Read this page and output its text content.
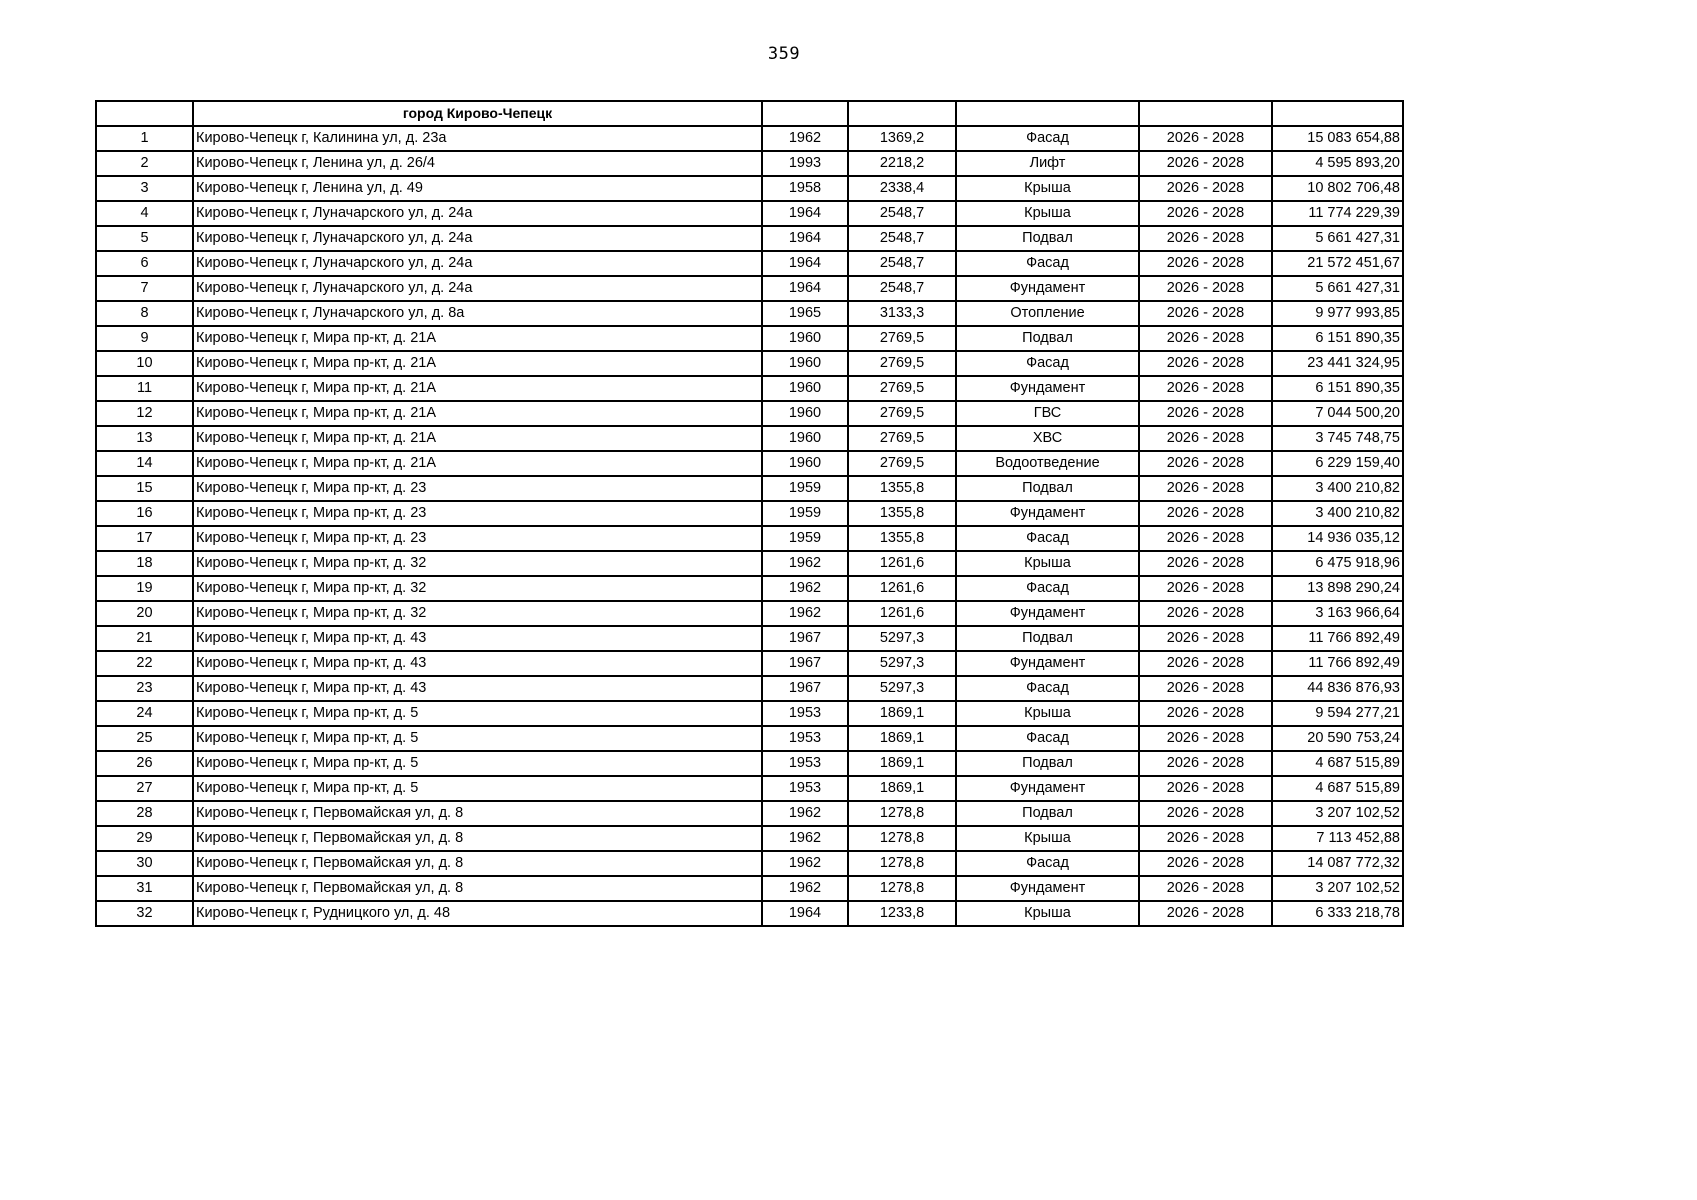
359
	город Кирово-Чепецк					
1	Кирово-Чепецк г, Калинина ул, д. 23а	1962	1369,2	Фасад	2026 - 2028	15 083 654,88
2	Кирово-Чепецк г, Ленина ул, д. 26/4	1993	2218,2	Лифт	2026 - 2028	4 595 893,20
3	Кирово-Чепецк г, Ленина ул, д. 49	1958	2338,4	Крыша	2026 - 2028	10 802 706,48
4	Кирово-Чепецк г, Луначарского ул, д. 24а	1964	2548,7	Крыша	2026 - 2028	11 774 229,39
5	Кирово-Чепецк г, Луначарского ул, д. 24а	1964	2548,7	Подвал	2026 - 2028	5 661 427,31
6	Кирово-Чепецк г, Луначарского ул, д. 24а	1964	2548,7	Фасад	2026 - 2028	21 572 451,67
7	Кирово-Чепецк г, Луначарского ул, д. 24а	1964	2548,7	Фундамент	2026 - 2028	5 661 427,31
8	Кирово-Чепецк г, Луначарского ул, д. 8а	1965	3133,3	Отопление	2026 - 2028	9 977 993,85
9	Кирово-Чепецк г, Мира пр-кт, д. 21А	1960	2769,5	Подвал	2026 - 2028	6 151 890,35
10	Кирово-Чепецк г, Мира пр-кт, д. 21А	1960	2769,5	Фасад	2026 - 2028	23 441 324,95
11	Кирово-Чепецк г, Мира пр-кт, д. 21А	1960	2769,5	Фундамент	2026 - 2028	6 151 890,35
12	Кирово-Чепецк г, Мира пр-кт, д. 21А	1960	2769,5	ГВС	2026 - 2028	7 044 500,20
13	Кирово-Чепецк г, Мира пр-кт, д. 21А	1960	2769,5	ХВС	2026 - 2028	3 745 748,75
14	Кирово-Чепецк г, Мира пр-кт, д. 21А	1960	2769,5	Водоотведение	2026 - 2028	6 229 159,40
15	Кирово-Чепецк г, Мира пр-кт, д. 23	1959	1355,8	Подвал	2026 - 2028	3 400 210,82
16	Кирово-Чепецк г, Мира пр-кт, д. 23	1959	1355,8	Фундамент	2026 - 2028	3 400 210,82
17	Кирово-Чепецк г, Мира пр-кт, д. 23	1959	1355,8	Фасад	2026 - 2028	14 936 035,12
18	Кирово-Чепецк г, Мира пр-кт, д. 32	1962	1261,6	Крыша	2026 - 2028	6 475 918,96
19	Кирово-Чепецк г, Мира пр-кт, д. 32	1962	1261,6	Фасад	2026 - 2028	13 898 290,24
20	Кирово-Чепецк г, Мира пр-кт, д. 32	1962	1261,6	Фундамент	2026 - 2028	3 163 966,64
21	Кирово-Чепецк г, Мира пр-кт, д. 43	1967	5297,3	Подвал	2026 - 2028	11 766 892,49
22	Кирово-Чепецк г, Мира пр-кт, д. 43	1967	5297,3	Фундамент	2026 - 2028	11 766 892,49
23	Кирово-Чепецк г, Мира пр-кт, д. 43	1967	5297,3	Фасад	2026 - 2028	44 836 876,93
24	Кирово-Чепецк г, Мира пр-кт, д. 5	1953	1869,1	Крыша	2026 - 2028	9 594 277,21
25	Кирово-Чепецк г, Мира пр-кт, д. 5	1953	1869,1	Фасад	2026 - 2028	20 590 753,24
26	Кирово-Чепецк г, Мира пр-кт, д. 5	1953	1869,1	Подвал	2026 - 2028	4 687 515,89
27	Кирово-Чепецк г, Мира пр-кт, д. 5	1953	1869,1	Фундамент	2026 - 2028	4 687 515,89
28	Кирово-Чепецк г, Первомайская ул, д. 8	1962	1278,8	Подвал	2026 - 2028	3 207 102,52
29	Кирово-Чепецк г, Первомайская ул, д. 8	1962	1278,8	Крыша	2026 - 2028	7 113 452,88
30	Кирово-Чепецк г, Первомайская ул, д. 8	1962	1278,8	Фасад	2026 - 2028	14 087 772,32
31	Кирово-Чепецк г, Первомайская ул, д. 8	1962	1278,8	Фундамент	2026 - 2028	3 207 102,52
32	Кирово-Чепецк г, Рудницкого ул, д. 48	1964	1233,8	Крыша	2026 - 2028	6 333 218,78
